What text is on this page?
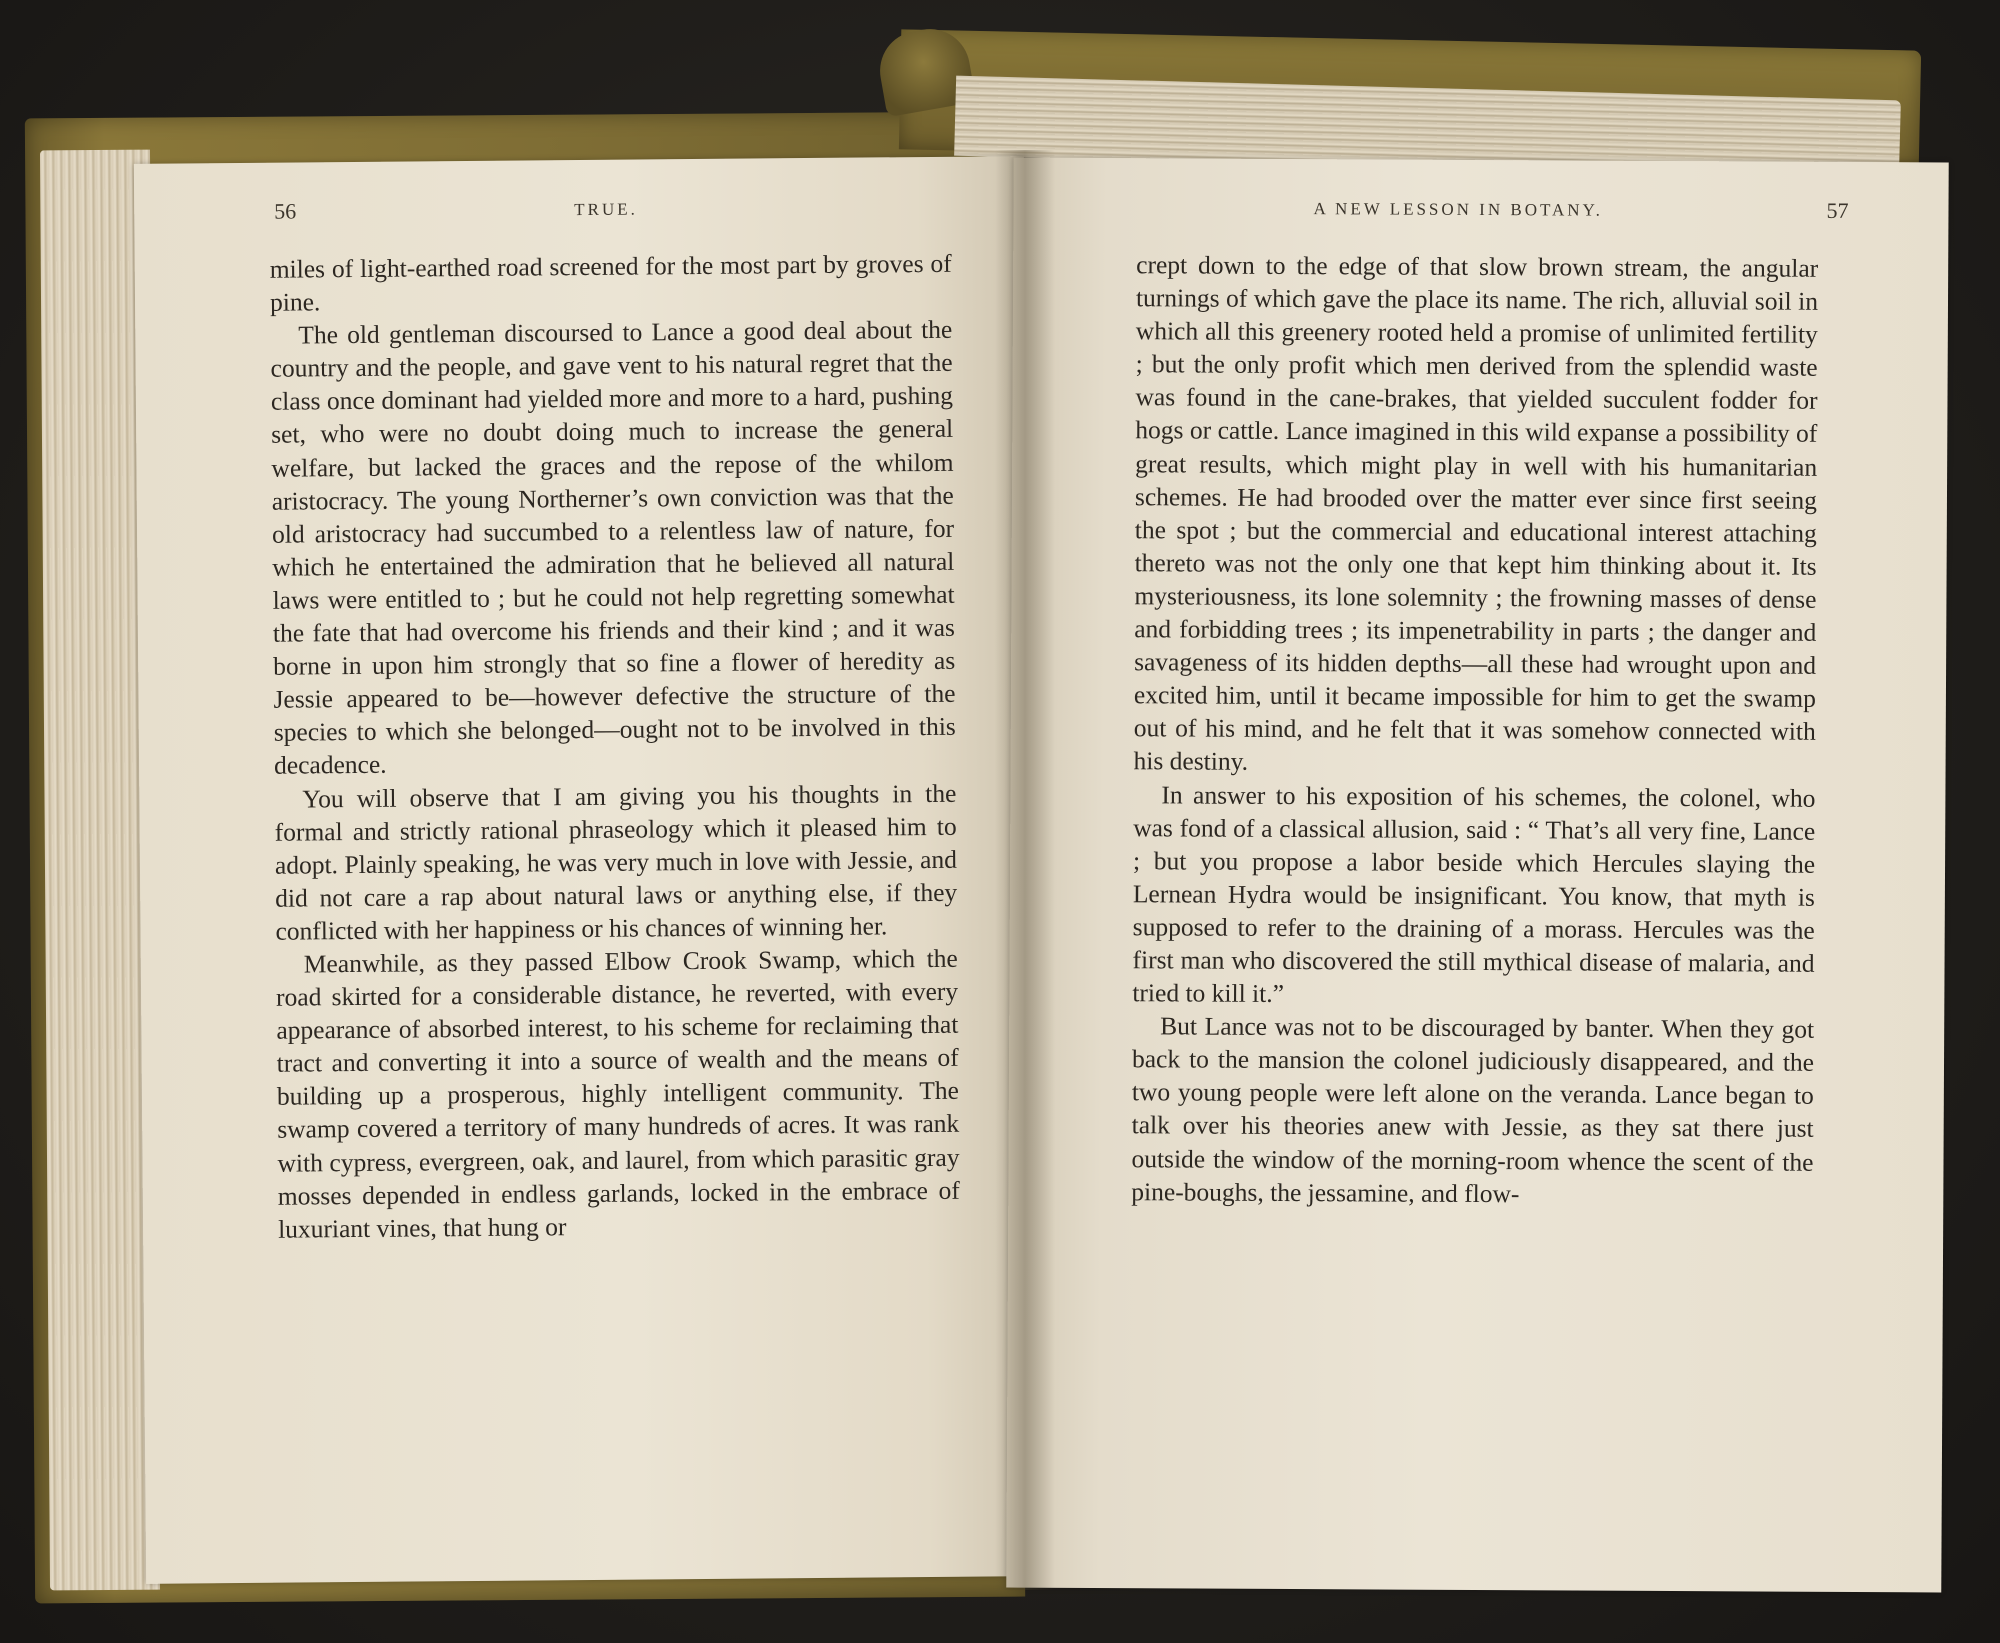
56	TRUE.

miles of light-earthed road screened for the most part by groves of pine.

The old gentleman discoursed to Lance a good deal about the country and the people, and gave vent to his natural regret that the class once dominant had yielded more and more to a hard, pushing set, who were no doubt doing much to increase the general welfare, but lacked the graces and the repose of the whilom aristocracy. The young Northerner’s own conviction was that the old aristocracy had succumbed to a relentless law of nature, for which he entertained the admiration that he believed all natural laws were entitled to ; but he could not help regretting somewhat the fate that had overcome his friends and their kind ; and it was borne in upon him strongly that so fine a flower of heredity as Jessie appeared to be—however defective the structure of the species to which she belonged—ought not to be involved in this decadence.

You will observe that I am giving you his thoughts in the formal and strictly rational phraseology which it pleased him to adopt. Plainly speaking, he was very much in love with Jessie, and did not care a rap about natural laws or anything else, if they conflicted with her happiness or his chances of winning her.

Meanwhile, as they passed Elbow Crook Swamp, which the road skirted for a considerable distance, he reverted, with every appearance of absorbed interest, to his scheme for reclaiming that tract and converting it into a source of wealth and the means of building up a prosperous, highly intelligent community. The swamp covered a territory of many hundreds of acres. It was rank with cypress, evergreen, oak, and laurel, from which parasitic gray mosses depended in endless garlands, locked in the embrace of luxuriant vines, that hung or

A NEW LESSON IN BOTANY.	57

crept down to the edge of that slow brown stream, the angular turnings of which gave the place its name. The rich, alluvial soil in which all this greenery rooted held a promise of unlimited fertility ; but the only profit which men derived from the splendid waste was found in the cane-brakes, that yielded succulent fodder for hogs or cattle. Lance imagined in this wild expanse a possibility of great results, which might play in well with his humanitarian schemes. He had brooded over the matter ever since first seeing the spot ; but the commercial and educational interest attaching thereto was not the only one that kept him thinking about it. Its mysteriousness, its lone solemnity ; the frowning masses of dense and forbidding trees ; its impenetrability in parts ; the danger and savageness of its hidden depths—all these had wrought upon and excited him, until it became impossible for him to get the swamp out of his mind, and he felt that it was somehow connected with his destiny.

In answer to his exposition of his schemes, the colonel, who was fond of a classical allusion, said : “ That’s all very fine, Lance ; but you propose a labor beside which Hercules slaying the Lernean Hydra would be insignificant. You know, that myth is supposed to refer to the draining of a morass. Hercules was the first man who discovered the still mythical disease of malaria, and tried to kill it.”

But Lance was not to be discouraged by banter. When they got back to the mansion the colonel judiciously disappeared, and the two young people were left alone on the veranda. Lance began to talk over his theories anew with Jessie, as they sat there just outside the window of the morning-room whence the scent of the pine-boughs, the jessamine, and flow-
